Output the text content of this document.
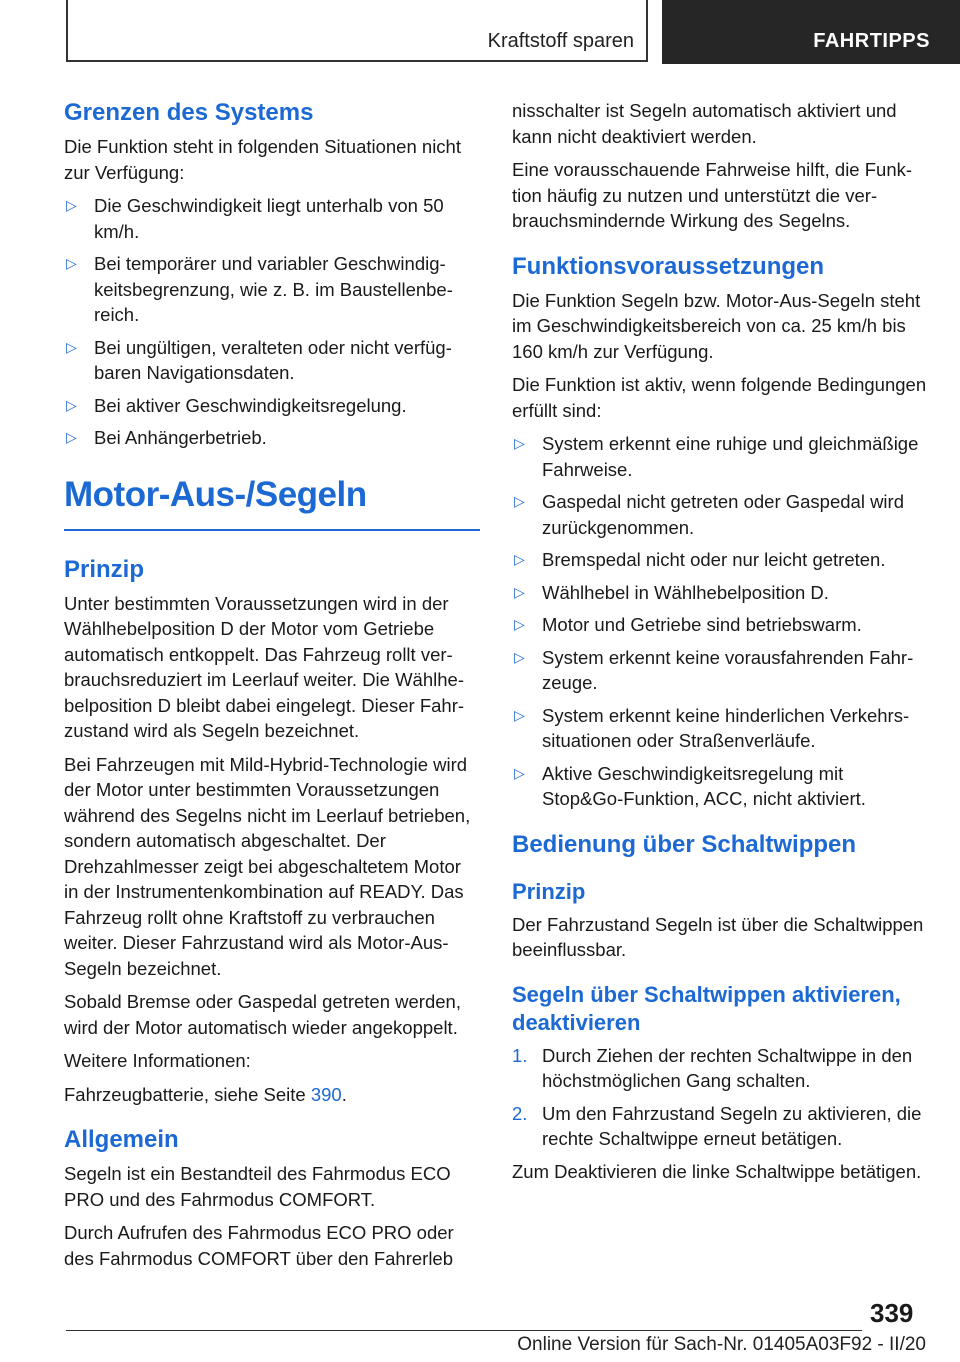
Kraftstoff sparen	FAHRTIPPS
Grenzen des Systems

Die Funktion steht in folgenden Situationen nicht zur Verfügung:

▷ Die Geschwindigkeit liegt unterhalb von 50 km/h.
▷ Bei temporärer und variabler Geschwindigkeitsbegrenzung, wie z. B. im Baustellenbereich.
▷ Bei ungültigen, veralteten oder nicht verfügbaren Navigationsdaten.
▷ Bei aktiver Geschwindigkeitsregelung.
▷ Bei Anhängerbetrieb.
Motor-Aus-/Segeln
Prinzip

Unter bestimmten Voraussetzungen wird in der Wählhebelposition D der Motor vom Getriebe automatisch entkoppelt. Das Fahrzeug rollt verbrauchsreduziert im Leerlauf weiter. Die Wählhebelposition D bleibt dabei eingelegt. Dieser Fahrzustand wird als Segeln bezeichnet.

Bei Fahrzeugen mit Mild-Hybrid-Technologie wird der Motor unter bestimmten Voraussetzungen während des Segelns nicht im Leerlauf betrieben, sondern automatisch abgeschaltet. Der Drehzahlmesser zeigt bei abgeschaltetem Motor in der Instrumentenkombination auf READY. Das Fahrzeug rollt ohne Kraftstoff zu verbrauchen weiter. Dieser Fahrzustand wird als Motor-Aus-Segeln bezeichnet.

Sobald Bremse oder Gaspedal getreten werden, wird der Motor automatisch wieder angekoppelt.

Weitere Informationen:

Fahrzeugbatterie, siehe Seite 390.

Allgemein

Segeln ist ein Bestandteil des Fahrmodus ECO PRO und des Fahrmodus COMFORT.

Durch Aufrufen des Fahrmodus ECO PRO oder des Fahrmodus COMFORT über den Fahrerleb

nisschalter ist Segeln automatisch aktiviert und kann nicht deaktiviert werden.

Eine vorausschauende Fahrweise hilft, die Funktion häufig zu nutzen und unterstützt die verbrauchsmindernde Wirkung des Segelns.

Funktionsvoraussetzungen

Die Funktion Segeln bzw. Motor-Aus-Segeln steht im Geschwindigkeitsbereich von ca. 25 km/h bis 160 km/h zur Verfügung.

Die Funktion ist aktiv, wenn folgende Bedingungen erfüllt sind:

▷ System erkennt eine ruhige und gleichmäßige Fahrweise.
▷ Gaspedal nicht getreten oder Gaspedal wird zurückgenommen.
▷ Bremspedal nicht oder nur leicht getreten.
▷ Wählhebel in Wählhebelposition D.
▷ Motor und Getriebe sind betriebswarm.
▷ System erkennt keine vorausfahrenden Fahrzeuge.
▷ System erkennt keine hinderlichen Verkehrssituationen oder Straßenverläufe.
▷ Aktive Geschwindigkeitsregelung mit Stop&Go-Funktion, ACC, nicht aktiviert.
Bedienung über Schaltwippen
Prinzip

Der Fahrzustand Segeln ist über die Schaltwippen beeinflussbar.

Segeln über Schaltwippen aktivieren, deaktivieren
1. Durch Ziehen der rechten Schaltwippe in den höchstmöglichen Gang schalten.
2. Um den Fahrzustand Segeln zu aktivieren, die rechte Schaltwippe erneut betätigen.

Zum Deaktivieren die linke Schaltwippe betätigen.

339
Online Version für Sach-Nr. 01405A03F92 - II/20
